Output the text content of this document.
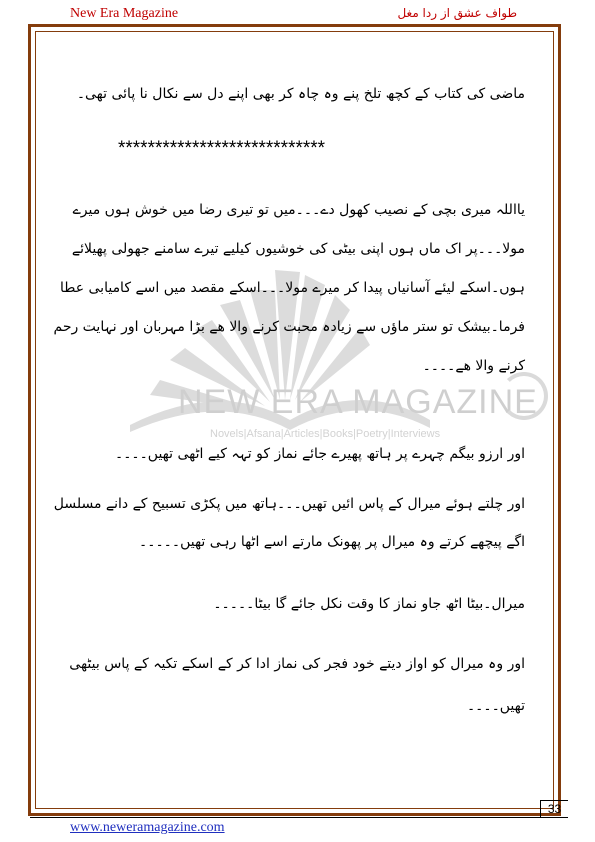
New Era Magazine	طواف عشق از ردا مغل
NEW ERA MAGAZINE
Novels|Afsana|Articles|Books|Poetry|Interviews
ماضی کی کتاب کے کچھ تلخ پنے وہ چاہ کر بھی اپنے دل سے نکال نا پائی تھی۔
یااللہ میری بچی کے نصیب کھول دے۔۔۔میں تو تیری رضا میں خوش ہوں میرے
مولا۔۔۔پر اک ماں ہوں اپنی بیٹی کی خوشیوں کیلیے تیرے سامنے جھولی پھیلائے
ہوں۔اسکے لیئے آسانیاں پیدا کر میرے مولا۔۔۔اسکے مقصد میں اسے کامیابی عطا
فرما۔بیشک تو ستر ماؤں سے زیادہ محبت کرنے والا ھے بڑا مہربان اور نہایت رحم
کرنے والا ھے۔۔۔۔
اور ارزو بیگم چہرے پر ہاتھ پھیرے جائے نماز کو تہہ کیے اٹھی تھیں۔۔۔۔
اور چلتے ہوئے میرال کے پاس ائیں تھیں۔۔۔ہاتھ میں پکڑی تسبیح کے دانے مسلسل
اگے پیچھے کرتے وہ میرال پر پھونک مارتے اسے اٹھا رہی تھیں۔۔۔۔۔
میرال۔بیٹا اٹھ جاو نماز کا وقت نکل جائے گا بیٹا۔۔۔۔۔
اور وہ میرال کو اواز دیتے خود فجر کی نماز ادا کر کے اسکے تکیہ کے پاس بیٹھی
تھیں۔۔۔۔
****************************
33
www.neweramagazine.com
